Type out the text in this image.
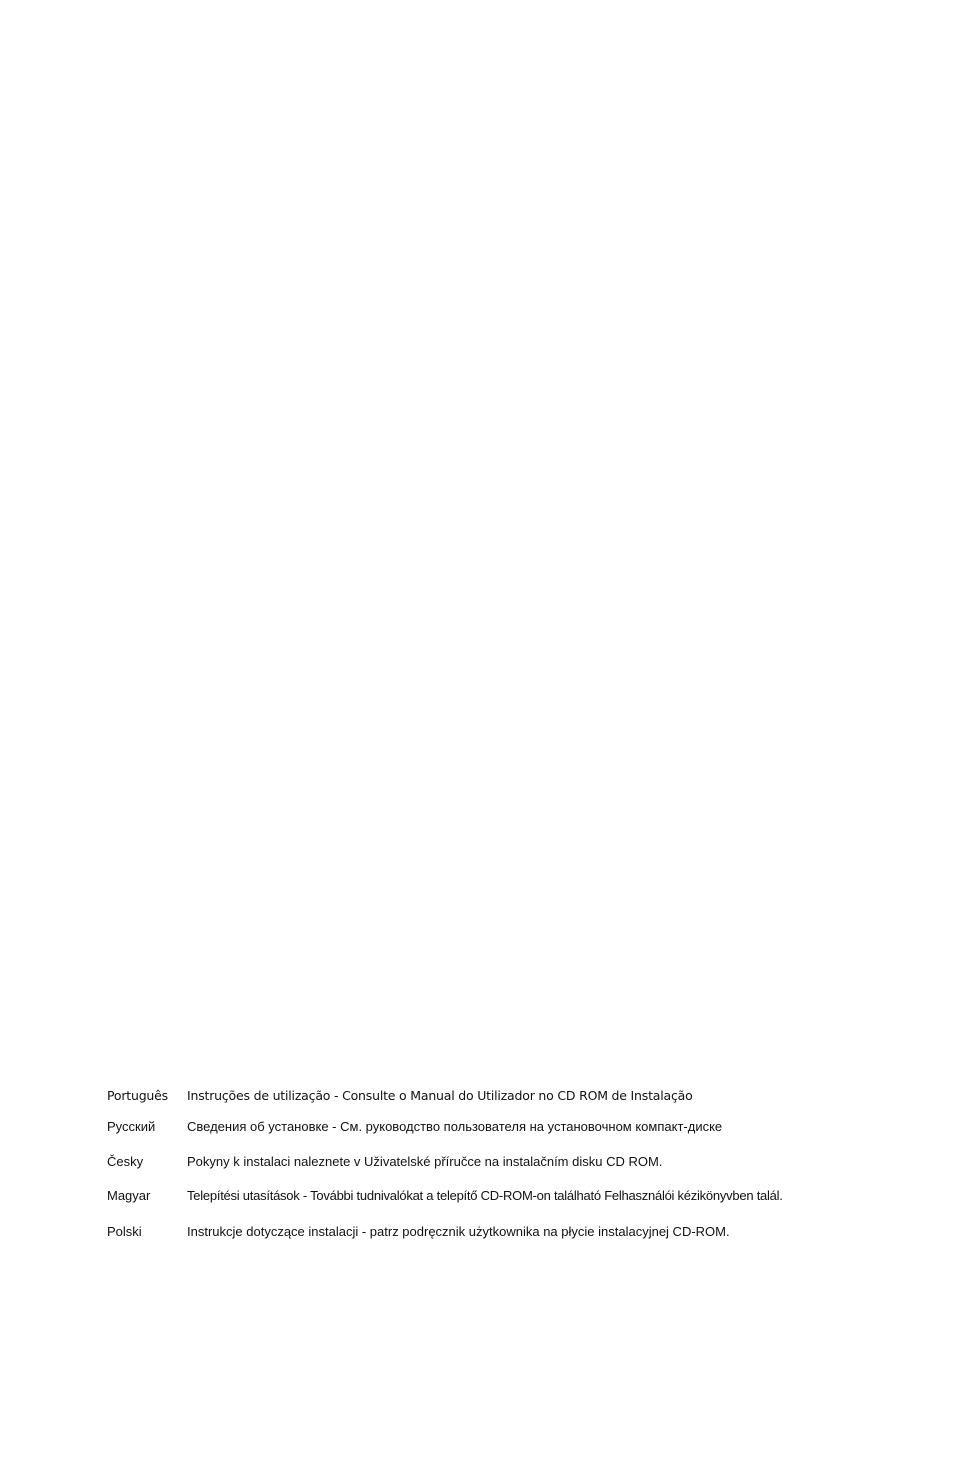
Português Instruções de utilização - Consulte o Manual do Utilizador no CD ROM de Instalação
Русский Сведения об установке - См. руководство пользователя на установочном компакт-диске
Česky	Pokyny k instalaci naleznete v Uživatelské příručce na instalačním disku CD ROM.
Magyar	Telepítési utasítások - További tudnivalókat a telepítő CD-ROM-on található Felhasználói kézikönyvben talál.
Polski	Instrukcje dotyczące instalacji - patrz podręcznik użytkownika na płycie instalacyjnej CD-ROM.
